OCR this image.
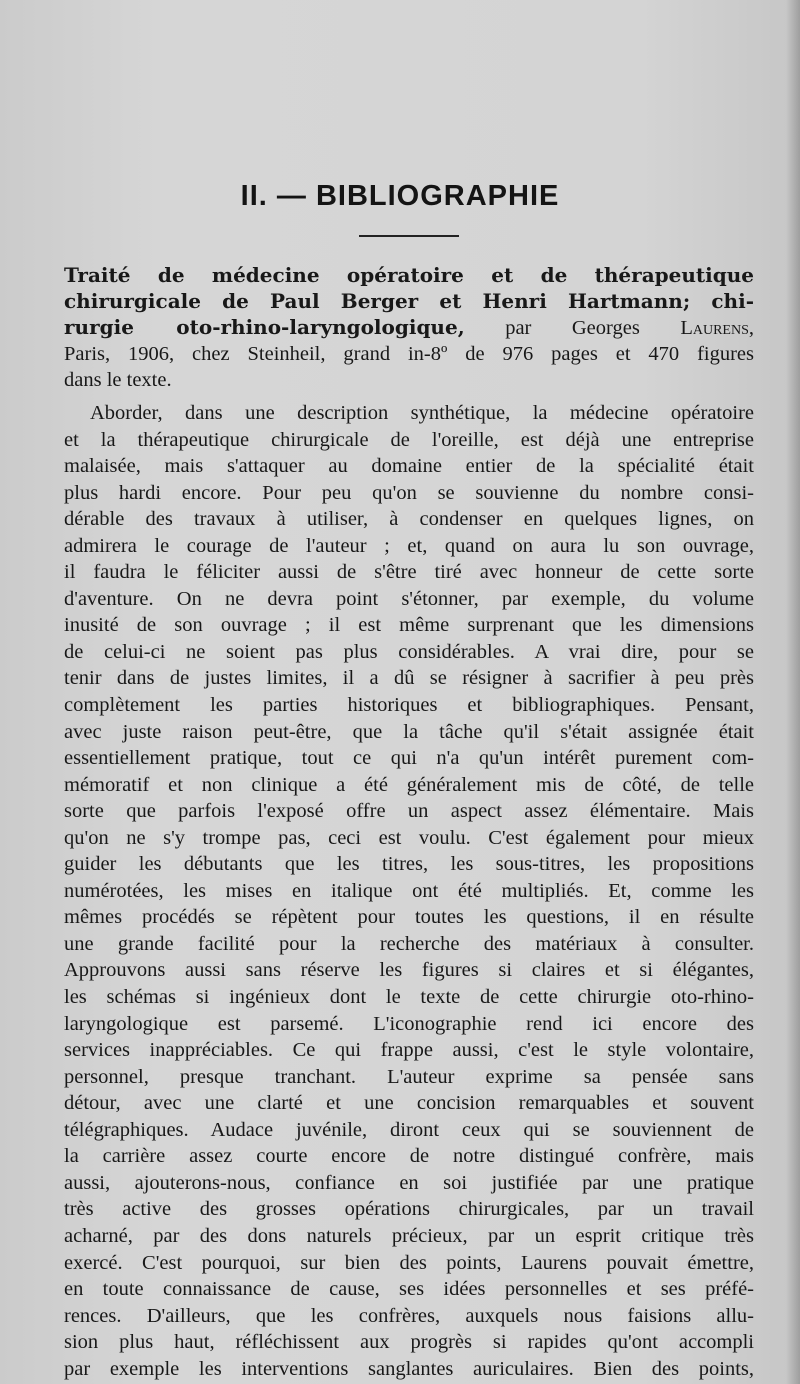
II. — BIBLIOGRAPHIE
Traité de médecine opératoire et de thérapeutique
chirurgicale de Paul Berger et Henri Hartmann; chi-
rurgie oto-rhino-laryngologique, par Georges Laurens,
Paris, 1906, chez Steinheil, grand in-8º de 976 pages et 470 figures
dans le texte.
Aborder, dans une description synthétique, la médecine opératoire
et la thérapeutique chirurgicale de l'oreille, est déjà une entreprise
malaisée, mais s'attaquer au domaine entier de la spécialité était
plus hardi encore. Pour peu qu'on se souvienne du nombre consi-
dérable des travaux à utiliser, à condenser en quelques lignes, on
admirera le courage de l'auteur ; et, quand on aura lu son ouvrage,
il faudra le féliciter aussi de s'être tiré avec honneur de cette sorte
d'aventure. On ne devra point s'étonner, par exemple, du volume
inusité de son ouvrage ; il est même surprenant que les dimensions
de celui-ci ne soient pas plus considérables. A vrai dire, pour se
tenir dans de justes limites, il a dû se résigner à sacrifier à peu près
complètement les parties historiques et bibliographiques. Pensant,
avec juste raison peut-être, que la tâche qu'il s'était assignée était
essentiellement pratique, tout ce qui n'a qu'un intérêt purement com-
mémoratif et non clinique a été généralement mis de côté, de telle
sorte que parfois l'exposé offre un aspect assez élémentaire. Mais
qu'on ne s'y trompe pas, ceci est voulu. C'est également pour mieux
guider les débutants que les titres, les sous-titres, les propositions
numérotées, les mises en italique ont été multipliés. Et, comme les
mêmes procédés se répètent pour toutes les questions, il en résulte
une grande facilité pour la recherche des matériaux à consulter.
Approuvons aussi sans réserve les figures si claires et si élégantes,
les schémas si ingénieux dont le texte de cette chirurgie oto-rhino-
laryngologique est parsemé. L'iconographie rend ici encore des
services inappréciables. Ce qui frappe aussi, c'est le style volontaire,
personnel, presque tranchant. L'auteur exprime sa pensée sans
détour, avec une clarté et une concision remarquables et souvent
télégraphiques. Audace juvénile, diront ceux qui se souviennent de
la carrière assez courte encore de notre distingué confrère, mais
aussi, ajouterons-nous, confiance en soi justifiée par une pratique
très active des grosses opérations chirurgicales, par un travail
acharné, par des dons naturels précieux, par un esprit critique très
exercé. C'est pourquoi, sur bien des points, Laurens pouvait émettre,
en toute connaissance de cause, ses idées personnelles et ses préfé-
rences. D'ailleurs, que les confrères, auxquels nous faisions allu-
sion plus haut, réfléchissent aux progrès si rapides qu'ont accompli
par exemple les interventions sanglantes auriculaires. Bien des points,
